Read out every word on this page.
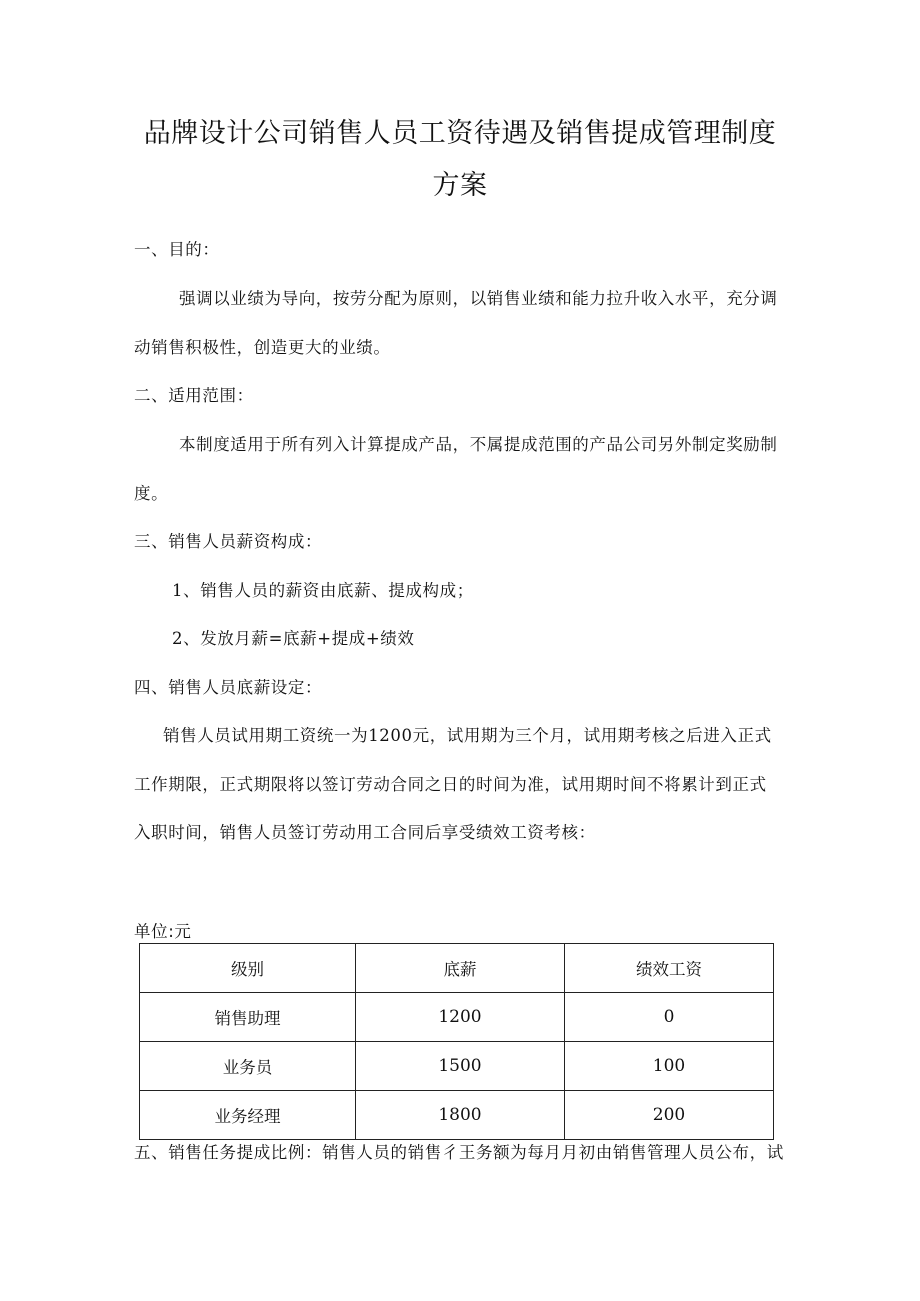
品牌设计公司销售人员工资待遇及销售提成管理制度
方案
一、目的：
强调以业绩为导向，按劳分配为原则，以销售业绩和能力拉升收入水平，充分调
动销售积极性，创造更大的业绩。
二、适用范围：
本制度适用于所有列入计算提成产品，不属提成范围的产品公司另外制定奖励制
度。
三、销售人员薪资构成：
1、销售人员的薪资由底薪、提成构成；
2、发放月薪=底薪+提成+绩效
四、销售人员底薪设定：
销售人员试用期工资统一为1200元，试用期为三个月，试用期考核之后进入正式
工作期限，正式期限将以签订劳动合同之日的时间为准，试用期时间不将累计到正式
入职时间，销售人员签订劳动用工合同后享受绩效工资考核：
单位:元
级别	底薪	绩效工资
销售助理	1200	0
业务员	1500	100
业务经理	1800	200
五、销售任务提成比例：销售人员的销售彳王务额为每月月初由销售管理人员公布，试
